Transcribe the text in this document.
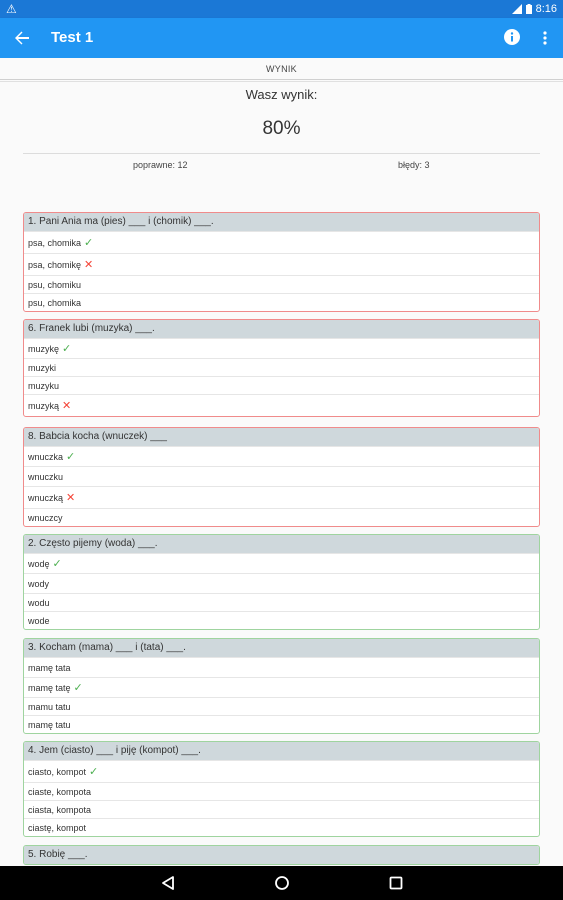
⚠	8:16
Test 1
WYNIK
Wasz wynik:
80%
poprawne: 12	błędy: 3
1. Pani Ania ma (pies) ___ i (chomik) ___.
psa, chomika ✓
psa, chomikę ✕
psu, chomiku
psu, chomika
6. Franek lubi (muzyka) ___.
muzykę ✓
muzyki
muzyku
muzyką ✕
8. Babcia kocha (wnuczek) ___
wnuczka ✓
wnuczku
wnuczką ✕
wnuczcy
2. Często pijemy (woda) ___.
wodę ✓
wody
wodu
wode
3. Kocham (mama) ___ i (tata) ___.
mamę tata
mamę tatę ✓
mamu tatu
mamę tatu
4. Jem (ciasto) ___ i piję (kompot) ___.
ciasto, kompot ✓
ciaste, kompota
ciasta, kompota
ciastę, kompot
5. Robię ___.
